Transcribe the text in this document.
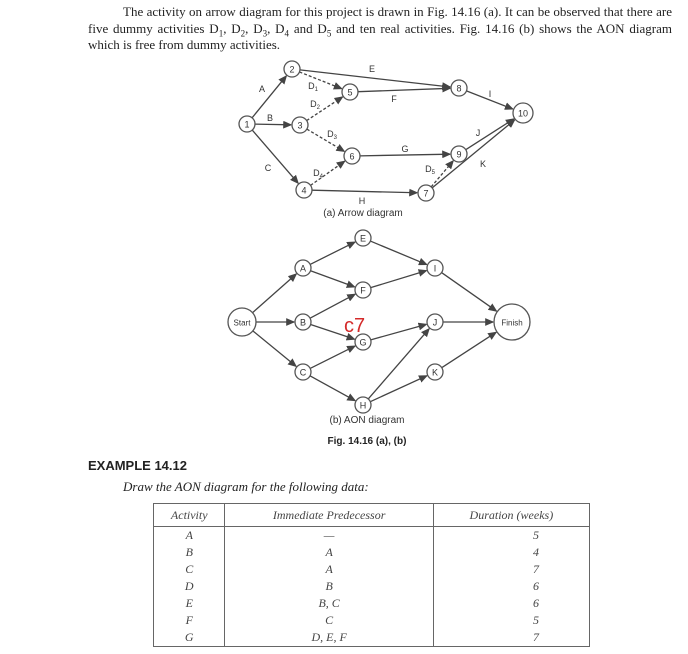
The activity on arrow diagram for this project is drawn in Fig. 14.16 (a). It can be observed that there are five dummy activities $D_1$, $D_2$, $D_3$, $D_4$ and $D_5$ and ten real activities. Fig. 14.16 (b) shows the AON diagram which is free from dummy activities.

1
2
3
4
5
6
7
8
9
10
A
B
C
E
$D_1$
$D_2$
$D_3$
$D_4$
F
G
H
$D_5$
I
J
K
Start
A
B
C
E
F
G
H
I
J
K
Finish
(a) Arrow diagram
(b) AON diagram
Fig. 14.16 (a), (b)
c7
EXAMPLE 14.12
Draw the AON diagram for the following data:
Activity	Immediate Predecessor	Duration (weeks)
A	—	5
B	A	4
C	A	7
D	B	6
E	B, C	6
F	C	5
G	D, E, F	7
